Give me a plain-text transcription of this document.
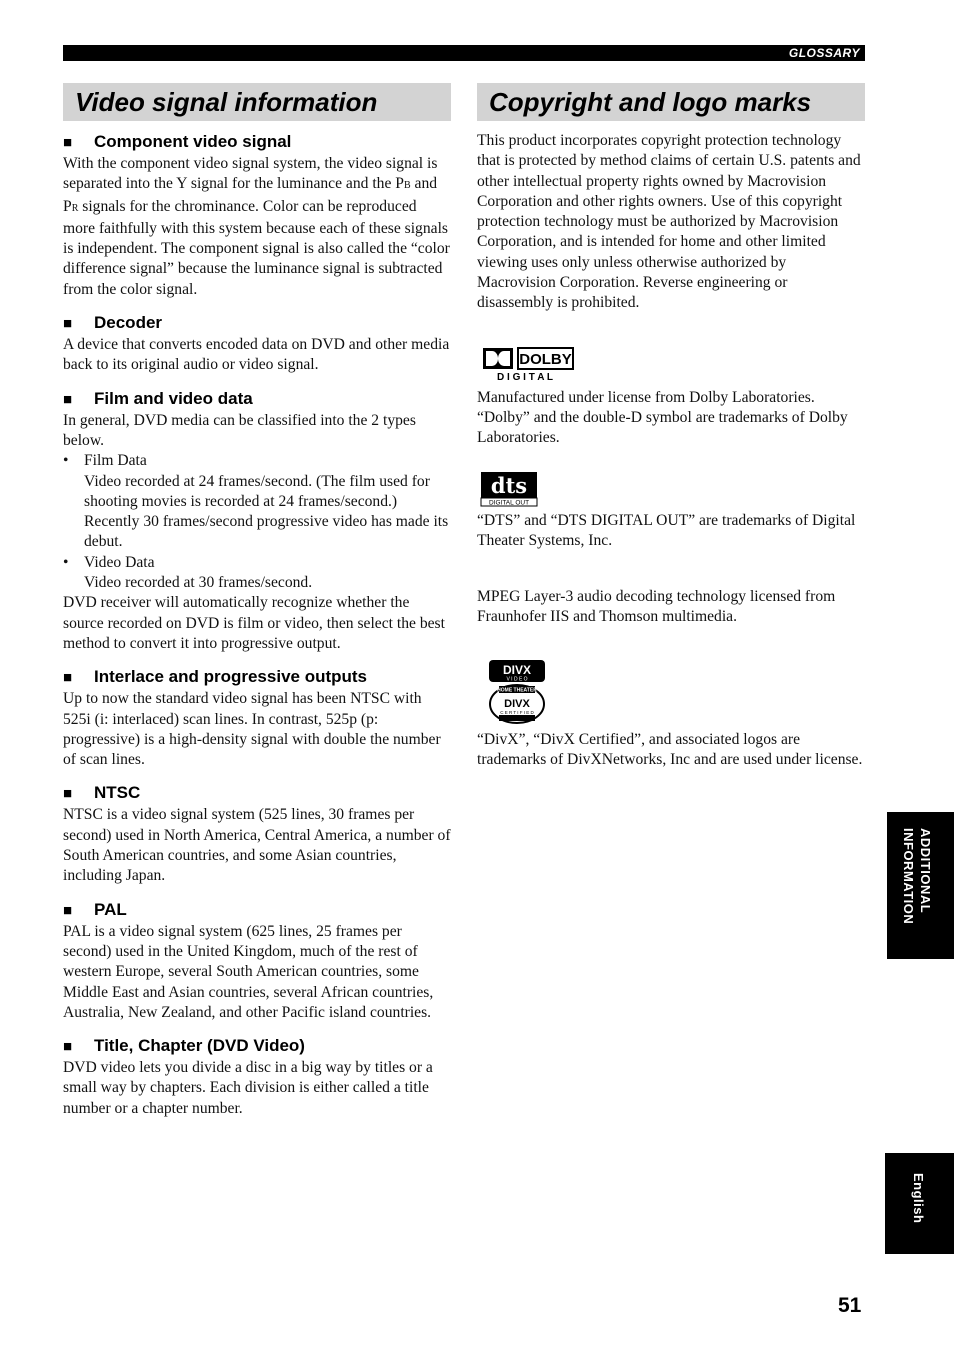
GLOSSARY
Video signal information
■ Component video signal

With the component video signal system, the video signal is separated into the Y signal for the luminance and the PB and PR signals for the chrominance. Color can be reproduced more faithfully with this system because each of these signals is independent. The component signal is also called the “color difference signal” because the luminance signal is subtracted from the color signal.

■ Decoder

A device that converts encoded data on DVD and other media back to its original audio or video signal.

■ Film and video data

In general, DVD media can be classified into the 2 types below.

• Film Data
Video recorded at 24 frames/second. (The film used for shooting movies is recorded at 24 frames/second.) Recently 30 frames/second progressive video has made its debut.
• Video Data
Video recorded at 30 frames/second.

DVD receiver will automatically recognize whether the source recorded on DVD is film or video, then select the best method to convert it into progressive output.

■ Interlace and progressive outputs

Up to now the standard video signal has been NTSC with 525i (i: interlaced) scan lines. In contrast, 525p (p: progressive) is a high-density signal with double the number of scan lines.

■ NTSC

NTSC is a video signal system (525 lines, 30 frames per second) used in North America, Central America, a number of South American countries, and some Asian countries, including Japan.

■ PAL

PAL is a video signal system (625 lines, 25 frames per second) used in the United Kingdom, much of the rest of western Europe, several South American countries, some Middle East and Asian countries, several African countries, Australia, New Zealand, and other Pacific island countries.

■ Title, Chapter (DVD Video)

DVD video lets you divide a disc in a big way by titles or a small way by chapters. Each division is either called a title number or a chapter number.

Copyright and logo marks

This product incorporates copyright protection technology that is protected by method claims of certain U.S. patents and other intellectual property rights owned by Macrovision Corporation and other rights owners. Use of this copyright protection technology must be authorized by Macrovision Corporation, and is intended for home and other limited viewing uses only unless otherwise authorized by Macrovision Corporation. Reverse engineering or disassembly is prohibited.

DOLBY
D I G I T A L

Manufactured under license from Dolby Laboratories. “Dolby” and the double-D symbol are trademarks of Dolby Laboratories.

dts
DIGITAL OUT

“DTS” and “DTS DIGITAL OUT” are trademarks of Digital Theater Systems, Inc.

MPEG Layer-3 audio decoding technology licensed from Fraunhofer IIS and Thomson multimedia.

DIVX
V I D E O
HOME THEATER
DIVX
C E R T I F I E D

“DivX”, “DivX Certified”, and associated logos are trademarks of DivXNetworks, Inc and are used under license.

ADDITIONAL INFORMATION
English
51
